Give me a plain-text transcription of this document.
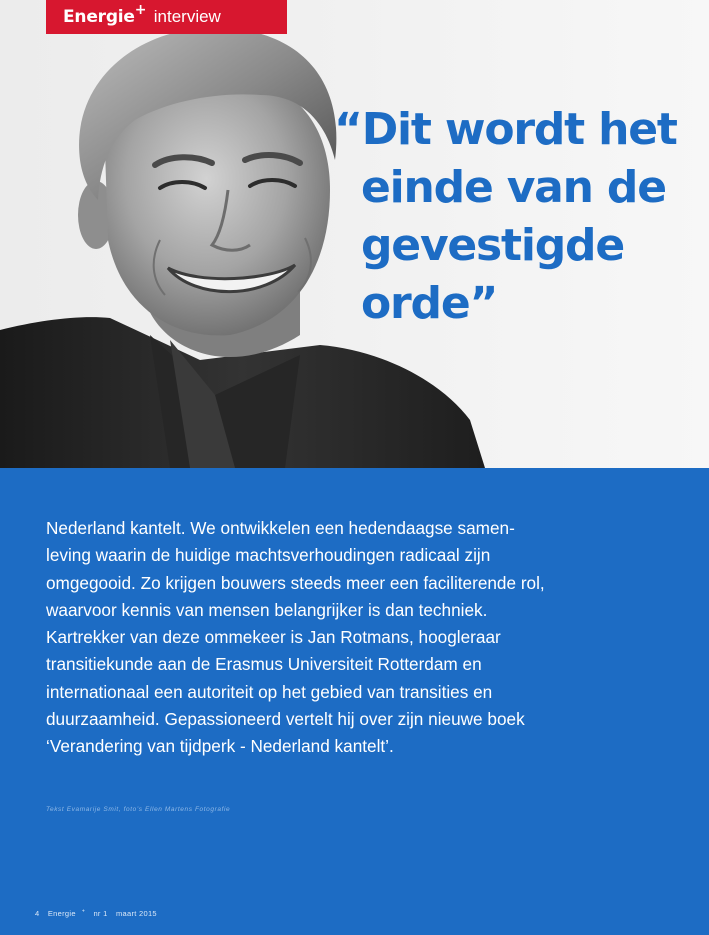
Energie+ interview
“Dit wordt het
einde van de
gevestigde
orde”

Nederland kantelt. We ontwikkelen een hedendaagse samen-
leving waarin de huidige machtsverhoudingen radicaal zijn
omgegooid. Zo krijgen bouwers steeds meer een faciliterende rol,
waarvoor kennis van mensen belangrijker is dan techniek.
Kartrekker van deze ommekeer is Jan Rotmans, hoogleraar
transitiekunde aan de Erasmus Universiteit Rotterdam en
internationaal een autoriteit op het gebied van transities en
duurzaamheid. Gepassioneerd vertelt hij over zijn nieuwe boek
‘Verandering van tijdperk - Nederland kantelt’.

Tekst Evamarije Smit, foto’s Ellen Martens Fotografie

4 Energie + nr 1 maart 2015
